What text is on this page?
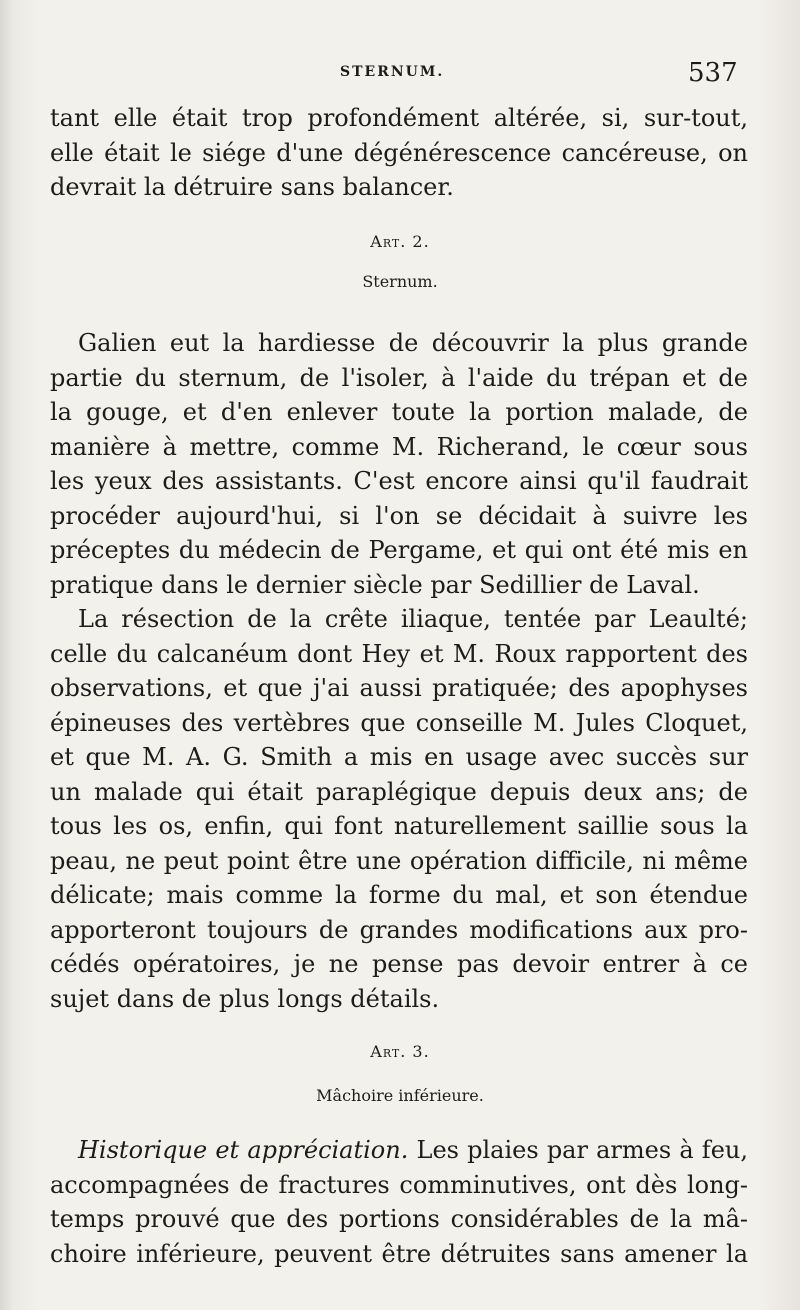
STERNUM.	537
tant elle était trop profondément altérée, si, sur-tout,
elle était le siége d'une dégénérescence cancéreuse, on
devrait la détruire sans balancer.
Art. 2.
Sternum.
Galien eut la hardiesse de découvrir la plus grande
partie du sternum, de l'isoler, à l'aide du trépan et de
la gouge, et d'en enlever toute la portion malade, de
manière à mettre, comme M. Richerand, le cœur sous
les yeux des assistants. C'est encore ainsi qu'il faudrait
procéder aujourd'hui, si l'on se décidait à suivre les
préceptes du médecin de Pergame, et qui ont été mis en
pratique dans le dernier siècle par Sedillier de Laval.
La résection de la crête iliaque, tentée par Leaulté;
celle du calcanéum dont Hey et M. Roux rapportent des
observations, et que j'ai aussi pratiquée; des apophyses
épineuses des vertèbres que conseille M. Jules Cloquet,
et que M. A. G. Smith a mis en usage avec succès sur
un malade qui était paraplégique depuis deux ans; de
tous les os, enfin, qui font naturellement saillie sous la
peau, ne peut point être une opération difficile, ni même
délicate; mais comme la forme du mal, et son étendue
apporteront toujours de grandes modifications aux pro-
cédés opératoires, je ne pense pas devoir entrer à ce
sujet dans de plus longs détails.
Art. 3.
Mâchoire inférieure.
Historique et appréciation. Les plaies par armes à feu,
accompagnées de fractures comminutives, ont dès long-
temps prouvé que des portions considérables de la mâ-
choire inférieure, peuvent être détruites sans amener la
